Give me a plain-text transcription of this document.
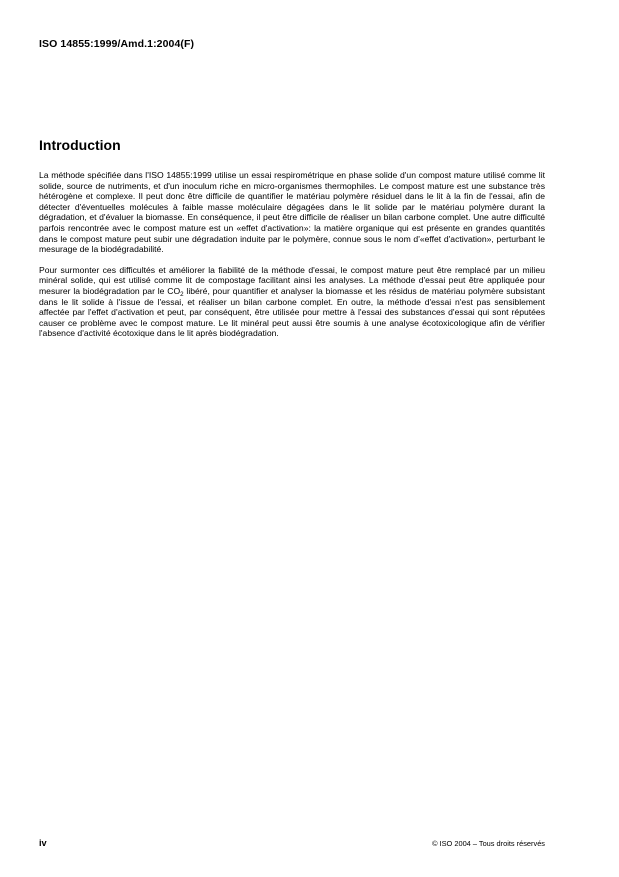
ISO 14855:1999/Amd.1:2004(F)
Introduction

La méthode spécifiée dans l'ISO 14855:1999 utilise un essai respirométrique en phase solide d'un compost mature utilisé comme lit solide, source de nutriments, et d'un inoculum riche en micro-organismes thermophiles. Le compost mature est une substance très hétérogène et complexe. Il peut donc être difficile de quantifier le matériau polymère résiduel dans le lit à la fin de l'essai, afin de détecter d'éventuelles molécules à faible masse moléculaire dégagées dans le lit solide par le matériau polymère durant la dégradation, et d'évaluer la biomasse. En conséquence, il peut être difficile de réaliser un bilan carbone complet. Une autre difficulté parfois rencontrée avec le compost mature est un «effet d'activation»: la matière organique qui est présente en grandes quantités dans le compost mature peut subir une dégradation induite par le polymère, connue sous le nom d'«effet d'activation», perturbant le mesurage de la biodégradabilité.

Pour surmonter ces difficultés et améliorer la fiabilité de la méthode d'essai, le compost mature peut être remplacé par un milieu minéral solide, qui est utilisé comme lit de compostage facilitant ainsi les analyses. La méthode d'essai peut être appliquée pour mesurer la biodégradation par le $CO_2$ libéré, pour quantifier et analyser la biomasse et les résidus de matériau polymère subsistant dans le lit solide à l'issue de l'essai, et réaliser un bilan carbone complet. En outre, la méthode d'essai n'est pas sensiblement affectée par l'effet d'activation et peut, par conséquent, être utilisée pour mettre à l'essai des substances d'essai qui sont réputées causer ce problème avec le compost mature. Le lit minéral peut aussi être soumis à une analyse écotoxicologique afin de vérifier l'absence d'activité écotoxique dans le lit après biodégradation.

iv	© ISO 2004 – Tous droits réservés
